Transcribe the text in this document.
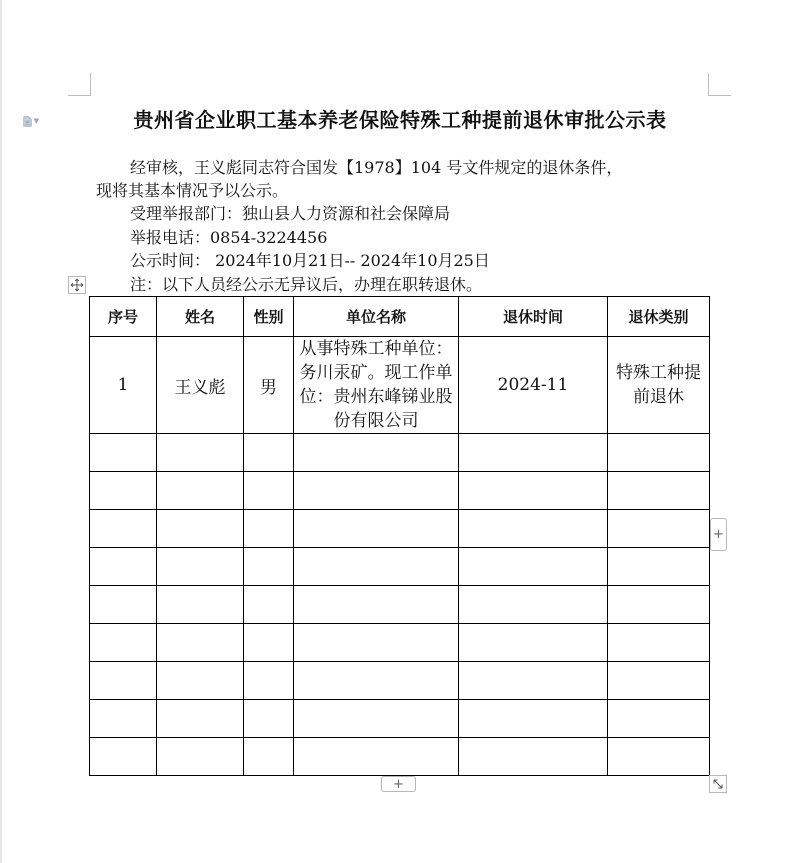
▼	贵州省企业职工基本养老保险特殊工种提前退休审批公示表
经审核，王义彪同志符合国发【1978】104 号文件规定的退休条件，
现将其基本情况予以公示。
受理举报部门：独山县人力资源和社会保障局
举报电话：0854-3224456
公示时间： 2024年10月21日-- 2024年10月25日
注：以下人员经公示无异议后，办理在职转退休。
序号	姓名	性别	单位名称	退休时间	退休类别
1	王义彪	男	从事特殊工种单位：务川汞矿。现工作单位：贵州东峰锑业股份有限公司	2024-11	特殊工种提前退休

+
+
